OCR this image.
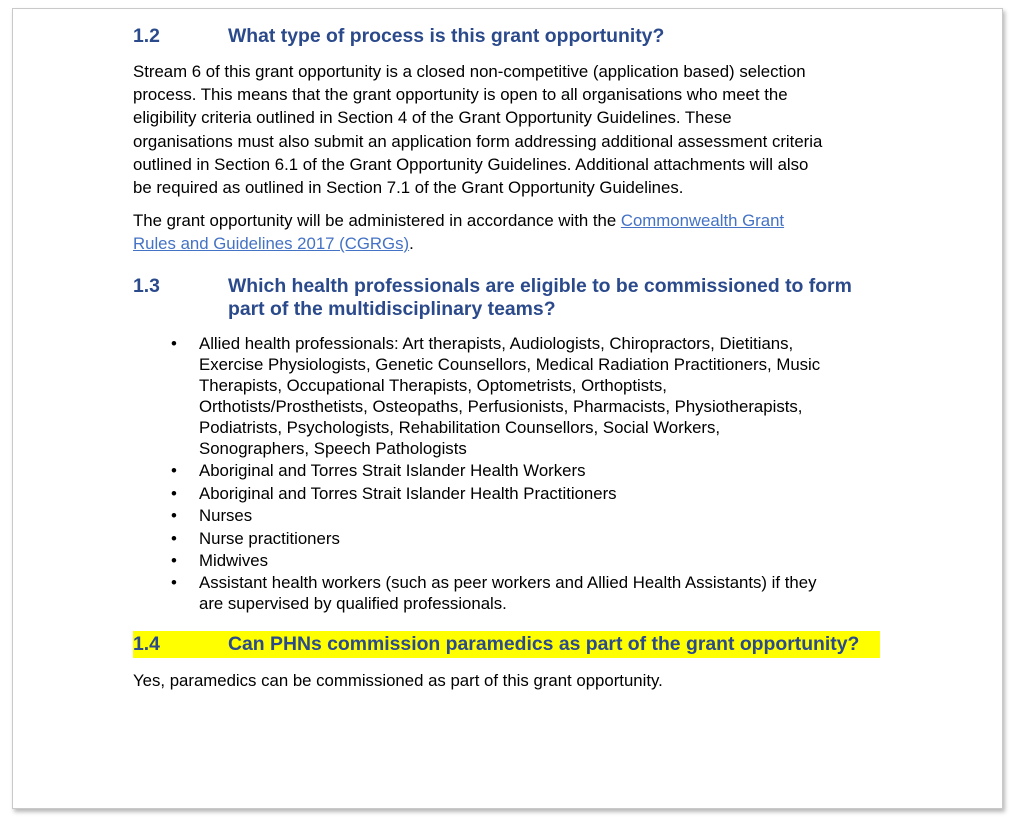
1.2	What type of process is this grant opportunity?
Stream 6 of this grant opportunity is a closed non-competitive (application based) selection
process. This means that the grant opportunity is open to all organisations who meet the
eligibility criteria outlined in Section 4 of the Grant Opportunity Guidelines. These
organisations must also submit an application form addressing additional assessment criteria
outlined in Section 6.1 of the Grant Opportunity Guidelines. Additional attachments will also
be required as outlined in Section 7.1 of the Grant Opportunity Guidelines.
The grant opportunity will be administered in accordance with the Commonwealth Grant
Rules and Guidelines 2017 (CGRGs).
1.3	Which health professionals are eligible to be commissioned to form
part of the multidisciplinary teams?
• Allied health professionals: Art therapists, Audiologists, Chiropractors, Dietitians,
Exercise Physiologists, Genetic Counsellors, Medical Radiation Practitioners, Music
Therapists, Occupational Therapists, Optometrists, Orthoptists,
Orthotists/Prosthetists, Osteopaths, Perfusionists, Pharmacists, Physiotherapists,
Podiatrists, Psychologists, Rehabilitation Counsellors, Social Workers,
Sonographers, Speech Pathologists
• Aboriginal and Torres Strait Islander Health Workers
• Aboriginal and Torres Strait Islander Health Practitioners
• Nurses
• Nurse practitioners
• Midwives
• Assistant health workers (such as peer workers and Allied Health Assistants) if they
are supervised by qualified professionals.
1.4	Can PHNs commission paramedics as part of the grant opportunity?
Yes, paramedics can be commissioned as part of this grant opportunity.
